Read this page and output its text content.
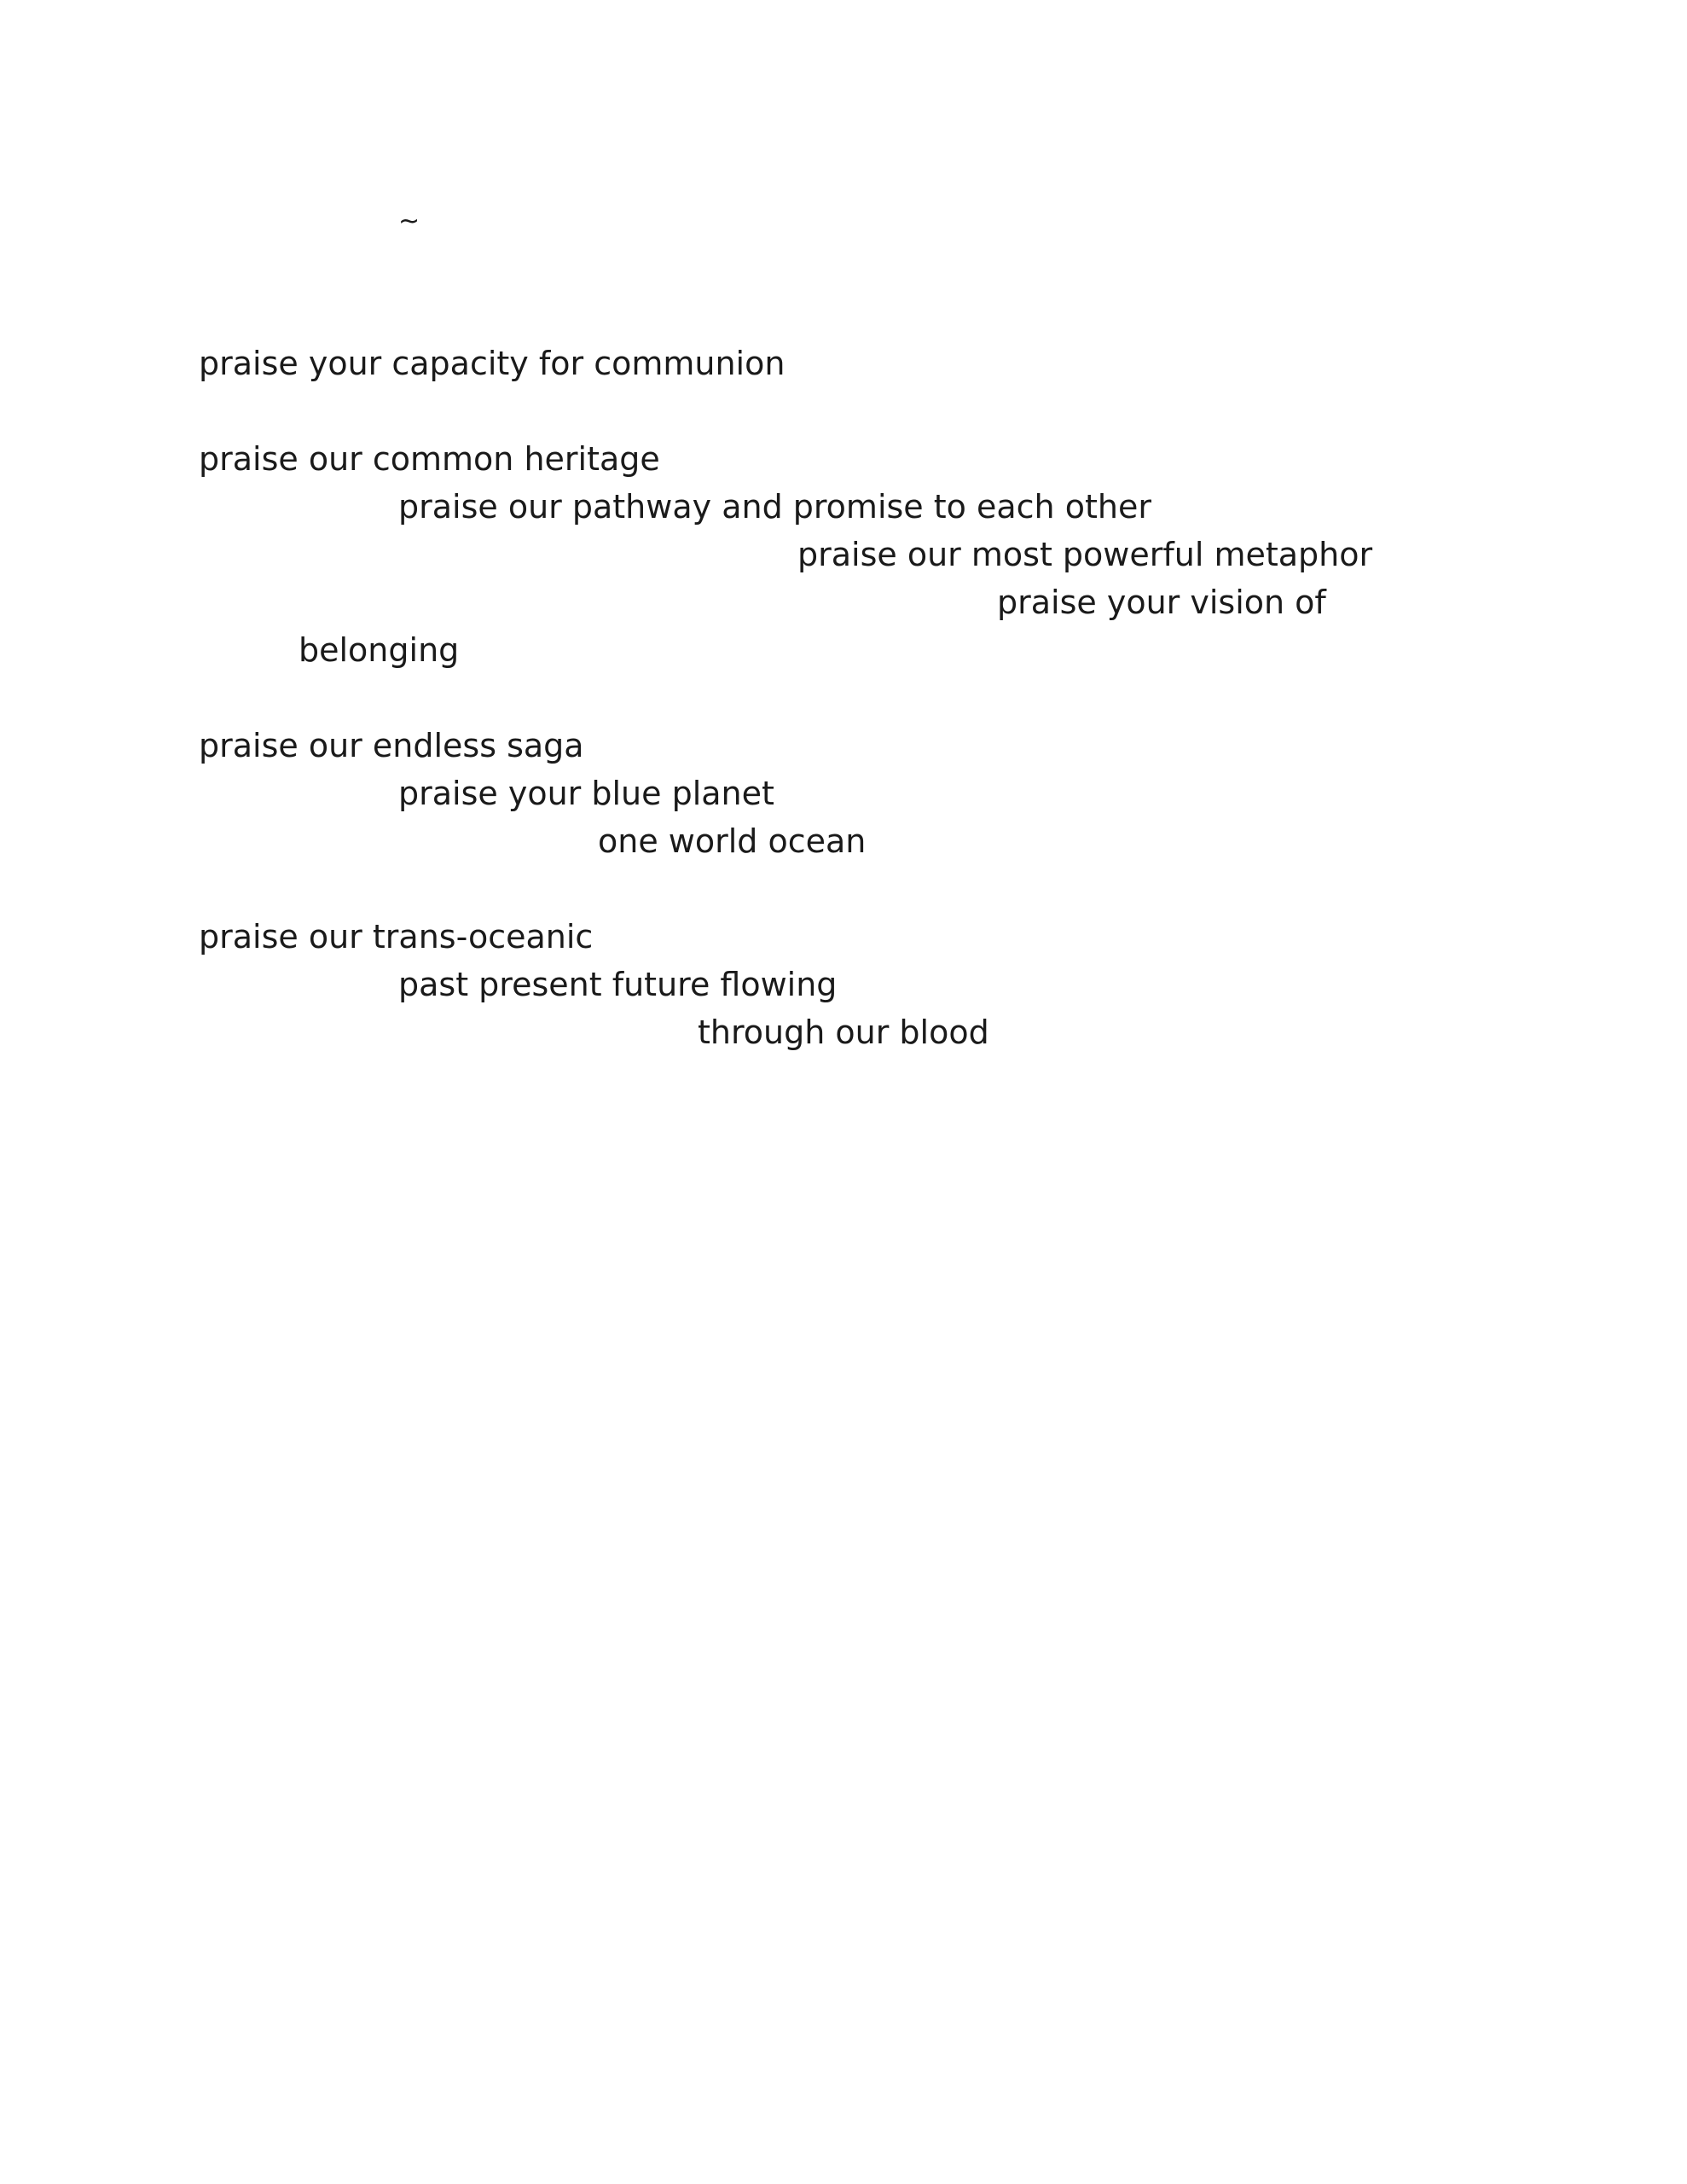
~
praise your capacity for communion
praise our common heritage
praise our pathway and promise to each other
praise our most powerful metaphor
praise your vision of
belonging
praise our endless saga
praise your blue planet
one world ocean
praise our trans-oceanic
past present future flowing
through our blood
